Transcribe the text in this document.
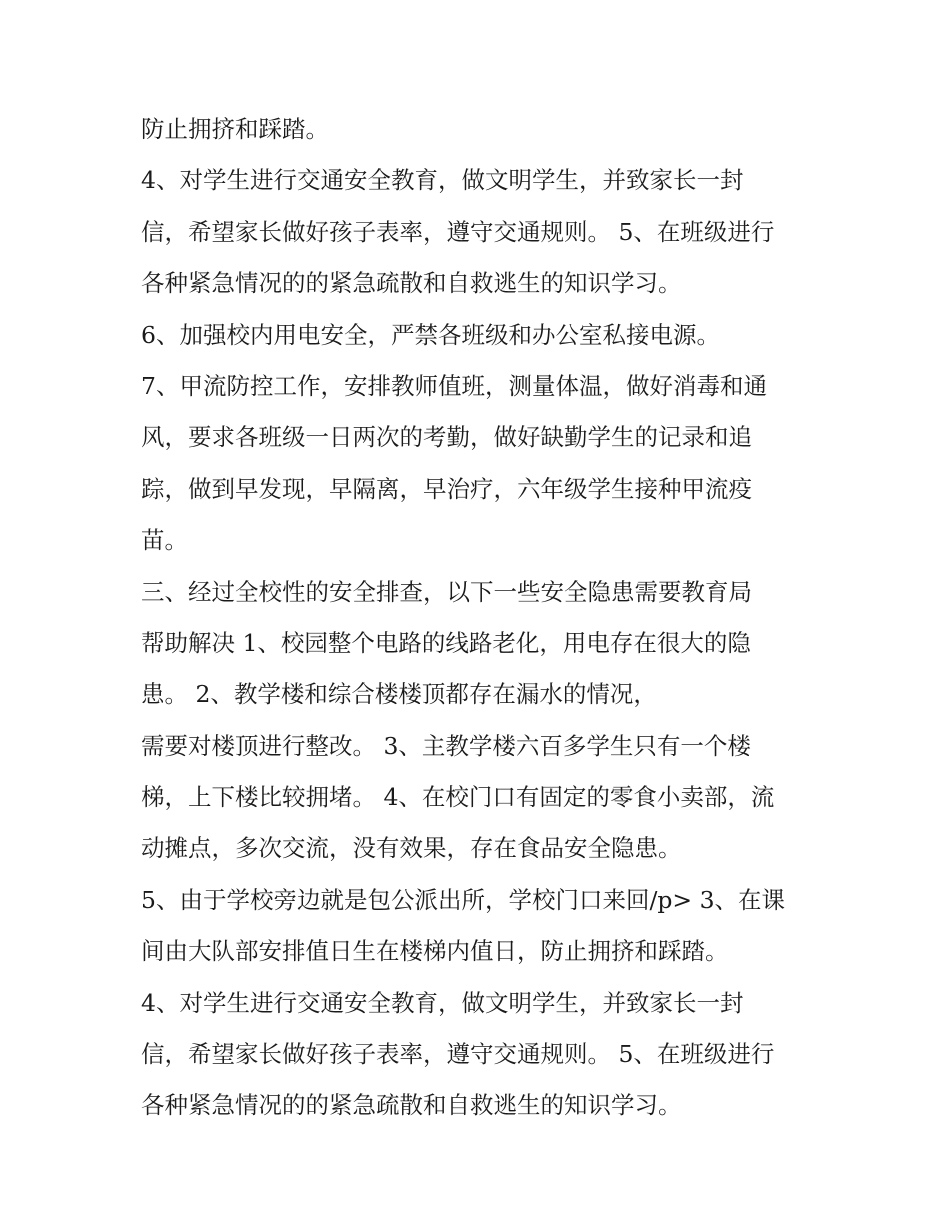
防止拥挤和踩踏。
4、对学生进行交通安全教育，做文明学生，并致家长一封
信，希望家长做好孩子表率，遵守交通规则。 5、在班级进行
各种紧急情况的的紧急疏散和自救逃生的知识学习。
6、加强校内用电安全，严禁各班级和办公室私接电源。
7、甲流防控工作，安排教师值班，测量体温，做好消毒和通
风，要求各班级一日两次的考勤，做好缺勤学生的记录和追
踪，做到早发现，早隔离，早治疗，六年级学生接种甲流疫
苗。
三、经过全校性的安全排查，以下一些安全隐患需要教育局
帮助解决 1、校园整个电路的线路老化，用电存在很大的隐
患。 2、教学楼和综合楼楼顶都存在漏水的情况，
需要对楼顶进行整改。 3、主教学楼六百多学生只有一个楼
梯，上下楼比较拥堵。 4、在校门口有固定的零食小卖部，流
动摊点，多次交流，没有效果，存在食品安全隐患。
5、由于学校旁边就是包公派出所，学校门口来回/p> 3、在课
间由大队部安排值日生在楼梯内值日，防止拥挤和踩踏。
4、对学生进行交通安全教育，做文明学生，并致家长一封
信，希望家长做好孩子表率，遵守交通规则。 5、在班级进行
各种紧急情况的的紧急疏散和自救逃生的知识学习。
